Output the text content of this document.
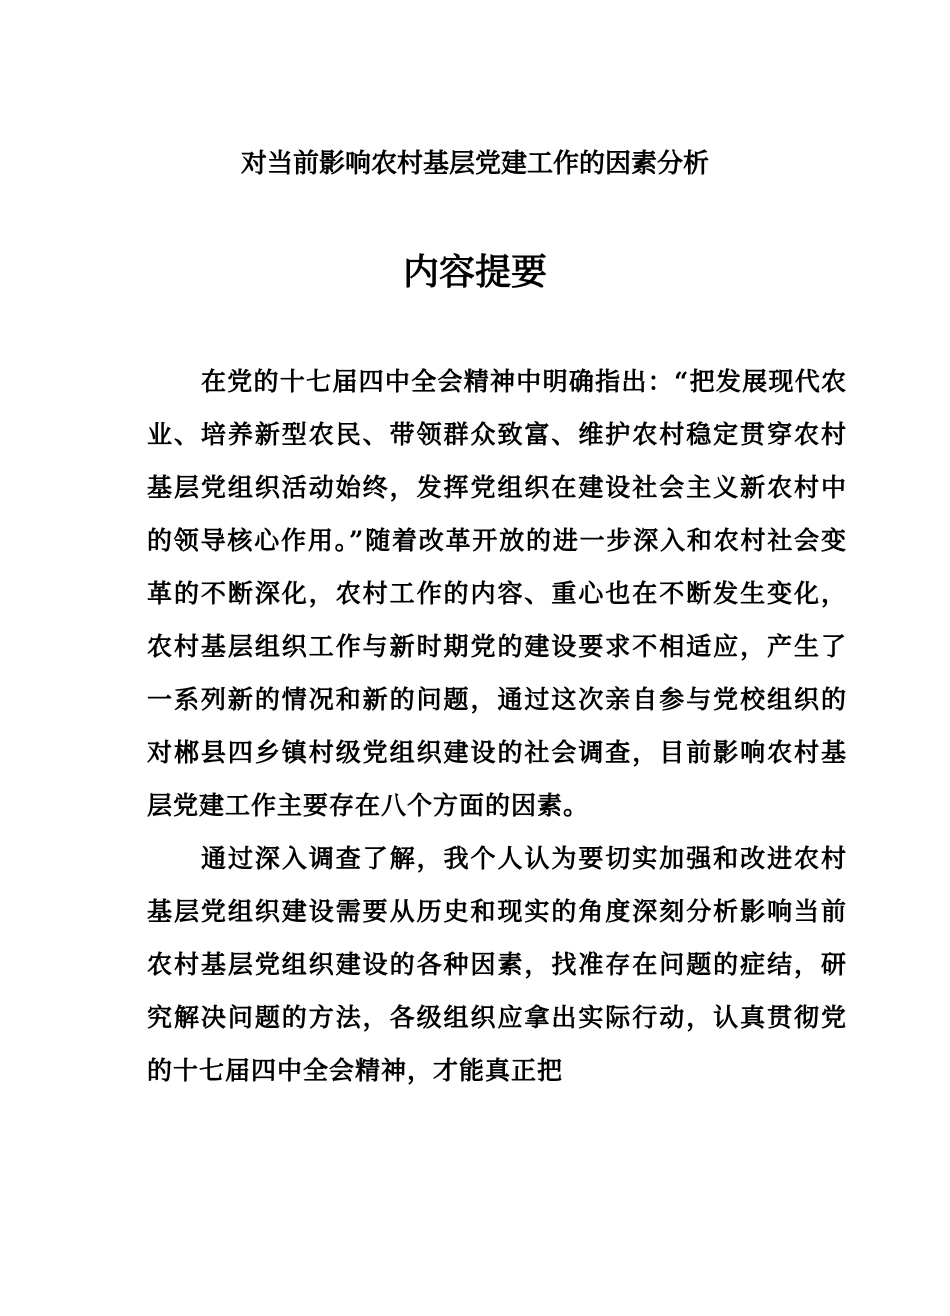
对当前影响农村基层党建工作的因素分析
内容提要

在党的十七届四中全会精神中明确指出：“把发展现代农业、培养新型农民、带领群众致富、维护农村稳定贯穿农村基层党组织活动始终，发挥党组织在建设社会主义新农村中的领导核心作用。”随着改革开放的进一步深入和农村社会变革的不断深化，农村工作的内容、重心也在不断发生变化，农村基层组织工作与新时期党的建设要求不相适应，产生了一系列新的情况和新的问题，通过这次亲自参与党校组织的对郴县四乡镇村级党组织建设的社会调查，目前影响农村基层党建工作主要存在八个方面的因素。

通过深入调查了解，我个人认为要切实加强和改进农村基层党组织建设需要从历史和现实的角度深刻分析影响当前农村基层党组织建设的各种因素，找准存在问题的症结，研究解决问题的方法，各级组织应拿出实际行动，认真贯彻党的十七届四中全会精神，才能真正把
